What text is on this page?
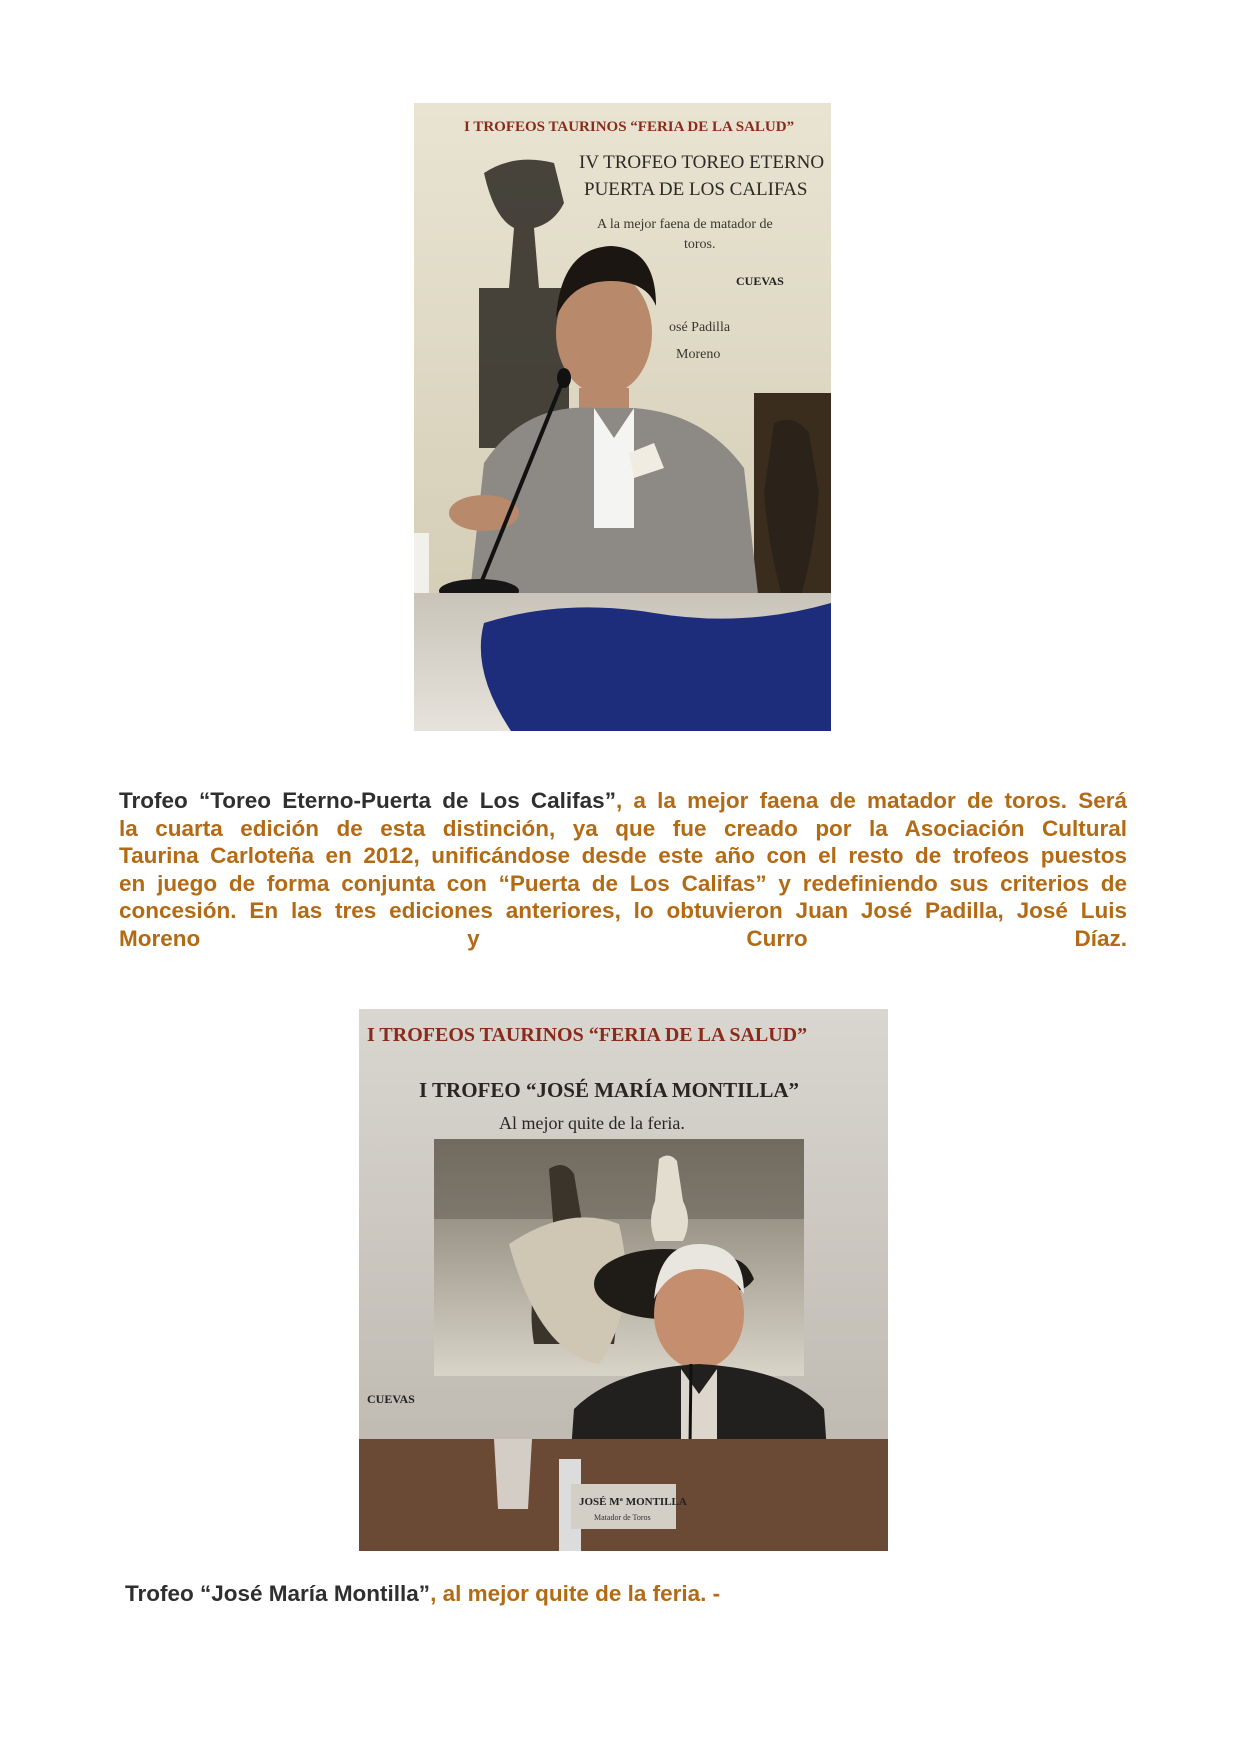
I TROFEOS TAURINOS “FERIA DE LA SALUD”
IV TROFEO TOREO ETERNO
PUERTA DE LOS CALIFAS
A la mejor faena de matador de
toros.
CUEVAS
osé Padilla
Moreno
Trofeo “Toreo Eterno-Puerta de Los Califas”, a la mejor faena de matador de toros. Será
la cuarta edición de esta distinción, ya que fue creado por la Asociación Cultural
Taurina Carloteña en 2012, unificándose desde este año con el resto de trofeos puestos
en juego de forma conjunta con “Puerta de Los Califas” y redefiniendo sus criterios de
concesión. En las tres ediciones anteriores, lo obtuvieron Juan José Padilla, José Luis
Moreno y Curro Díaz.
I TROFEOS TAURINOS “FERIA DE LA SALUD”
I TROFEO “JOSÉ MARÍA MONTILLA”
Al mejor quite de la feria.
CUEVAS
JOSÉ Mª MONTILLA
Matador de Toros
Trofeo “José María Montilla”, al mejor quite de la feria. -
